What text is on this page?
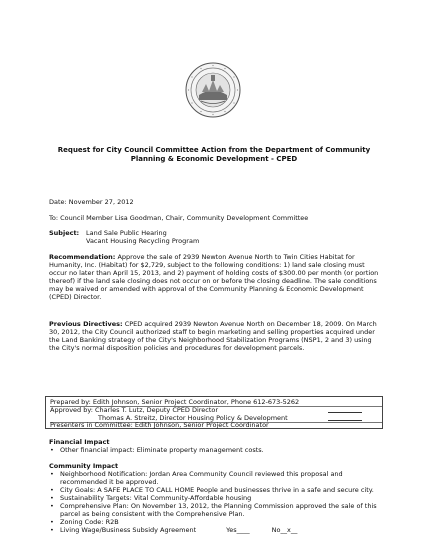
Request for City Council Committee Action from the Department of Community
Planning & Economic Development - CPED
Date: November 27, 2012
To: Council Member Lisa Goodman, Chair, Community Development Committee
Subject: Land Sale Public Hearing
Vacant Housing Recycling Program
Recommendation: Approve the sale of 2939 Newton Avenue North to Twin Cities Habitat for Humanity, Inc. (Habitat) for $2,729, subject to the following conditions: 1) land sale closing must occur no later than April 15, 2013, and 2) payment of holding costs of $300.00 per month (or portion thereof) if the land sale closing does not occur on or before the closing deadline. The sale conditions may be waived or amended with approval of the Community Planning & Economic Development (CPED) Director.
Previous Directives: CPED acquired 2939 Newton Avenue North on December 18, 2009. On March 30, 2012, the City Council authorized staff to begin marketing and selling properties acquired under the Land Banking strategy of the City's Neighborhood Stabilization Programs (NSP1, 2 and 3) using the City's normal disposition policies and procedures for development parcels.
Prepared by: Edith Johnson, Senior Project Coordinator, Phone 612-673-5262
Approved by: Charles T. Lutz, Deputy CPED Director
Thomas A. Streitz, Director Housing Policy & Development
Presenters in Committee: Edith Johnson, Senior Project Coordinator
Financial Impact
• Other financial impact: Eliminate property management costs.
Community Impact
• Neighborhood Notification: Jordan Area Community Council reviewed this proposal and recommended it be approved.
• City Goals: A SAFE PLACE TO CALL HOME People and businesses thrive in a safe and secure city.
• Sustainability Targets: Vital Community-Affordable housing
• Comprehensive Plan: On November 13, 2012, the Planning Commission approved the sale of this parcel as being consistent with the Comprehensive Plan.
• Zoning Code: R2B
• Living Wage/Business Subsidy Agreement	Yes____	No__x__
